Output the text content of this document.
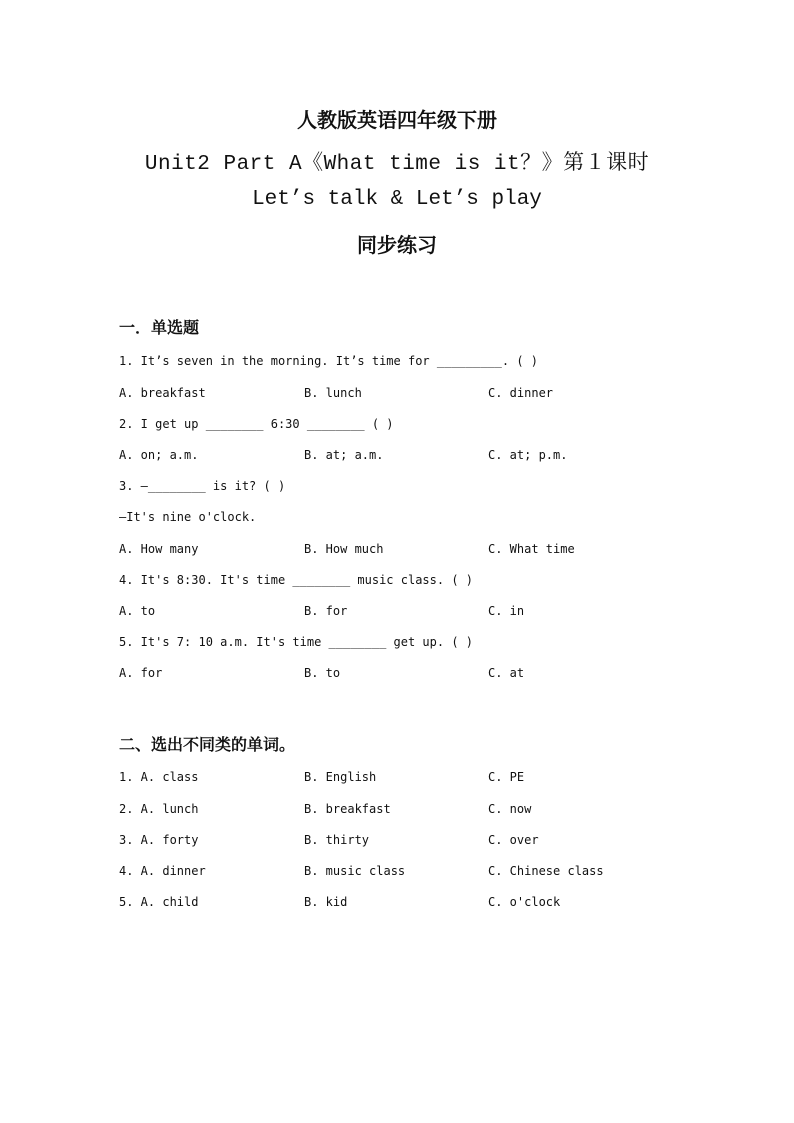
人教版英语四年级下册
Unit2 Part A《What time is it？》第１课时
Let’s talk & Let’s play
同步练习
一．单选题
1. It’s seven in the morning. It’s time for _________. ( )
A. breakfast	B. lunch	C. dinner
2. I get up ________ 6:30 ________ ( )
A. on; a.m.	B. at; a.m.	C. at; p.m.
3. —________ is it? ( )
—It's nine o'clock.
A. How many	B. How much	C. What time
4. It's 8:30. It's time ________ music class. ( )
A. to	B. for	C. in
5. It's 7: 10 a.m. It's time ________ get up. ( )
A. for	B. to	C. at
二、选出不同类的单词。
1. A. class	B. English	C. PE
2. A. lunch	B. breakfast	C. now
3. A. forty	B. thirty	C. over
4. A. dinner	B. music class	C. Chinese class
5. A. child	B. kid	C. o'clock
